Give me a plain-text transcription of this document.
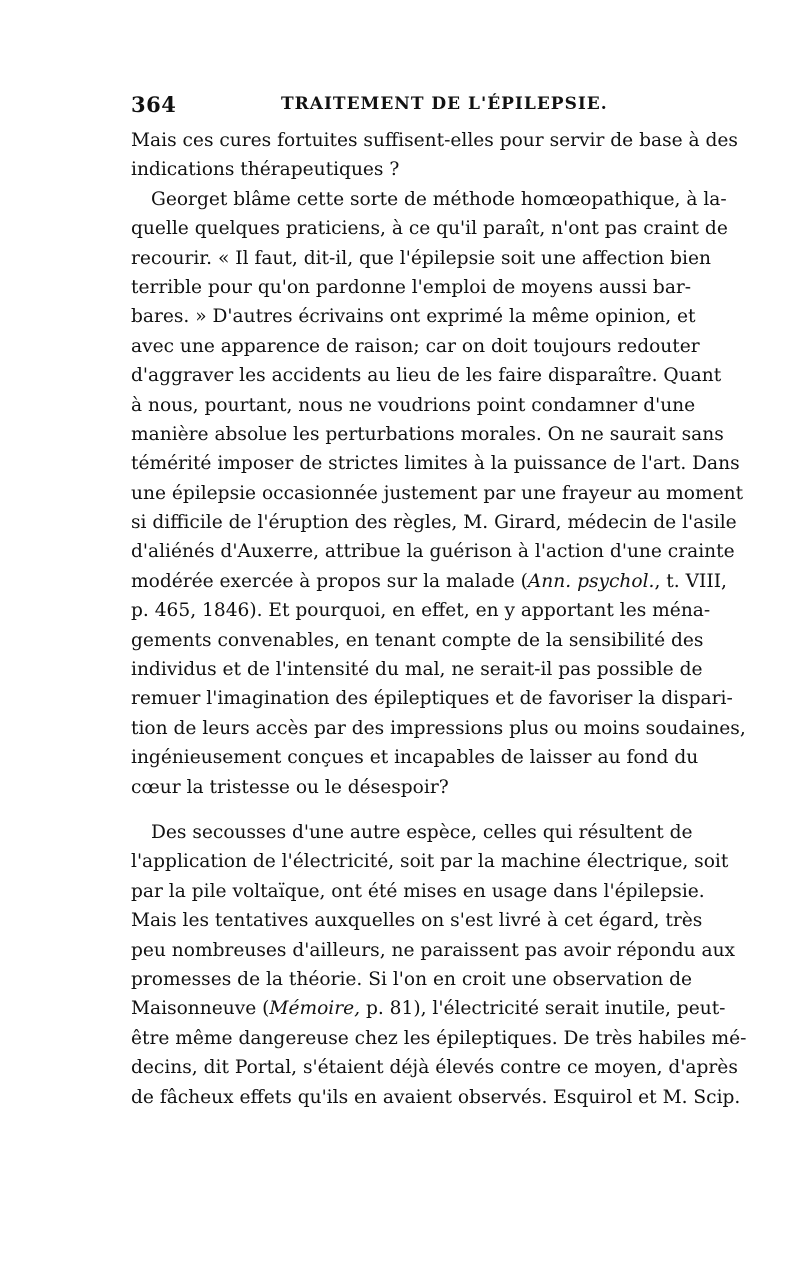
364	TRAITEMENT DE L'ÉPILEPSIE.
Mais ces cures fortuites suffisent-elles pour servir de base à des
indications thérapeutiques ?
Georget blâme cette sorte de méthode homœopathique, à la-
quelle quelques praticiens, à ce qu'il paraît, n'ont pas craint de
recourir. « Il faut, dit-il, que l'épilepsie soit une affection bien
terrible pour qu'on pardonne l'emploi de moyens aussi bar-
bares. » D'autres écrivains ont exprimé la même opinion, et
avec une apparence de raison; car on doit toujours redouter
d'aggraver les accidents au lieu de les faire disparaître. Quant
à nous, pourtant, nous ne voudrions point condamner d'une
manière absolue les perturbations morales. On ne saurait sans
témérité imposer de strictes limites à la puissance de l'art. Dans
une épilepsie occasionnée justement par une frayeur au moment
si difficile de l'éruption des règles, M. Girard, médecin de l'asile
d'aliénés d'Auxerre, attribue la guérison à l'action d'une crainte
modérée exercée à propos sur la malade (Ann. psychol., t. VIII,
p. 465, 1846). Et pourquoi, en effet, en y apportant les ména-
gements convenables, en tenant compte de la sensibilité des
individus et de l'intensité du mal, ne serait-il pas possible de
remuer l'imagination des épileptiques et de favoriser la dispari-
tion de leurs accès par des impressions plus ou moins soudaines,
ingénieusement conçues et incapables de laisser au fond du
cœur la tristesse ou le désespoir?
Des secousses d'une autre espèce, celles qui résultent de
l'application de l'électricité, soit par la machine électrique, soit
par la pile voltaïque, ont été mises en usage dans l'épilepsie.
Mais les tentatives auxquelles on s'est livré à cet égard, très
peu nombreuses d'ailleurs, ne paraissent pas avoir répondu aux
promesses de la théorie. Si l'on en croit une observation de
Maisonneuve (Mémoire, p. 81), l'électricité serait inutile, peut-
être même dangereuse chez les épileptiques. De très habiles mé-
decins, dit Portal, s'étaient déjà élevés contre ce moyen, d'après
de fâcheux effets qu'ils en avaient observés. Esquirol et M. Scip.
